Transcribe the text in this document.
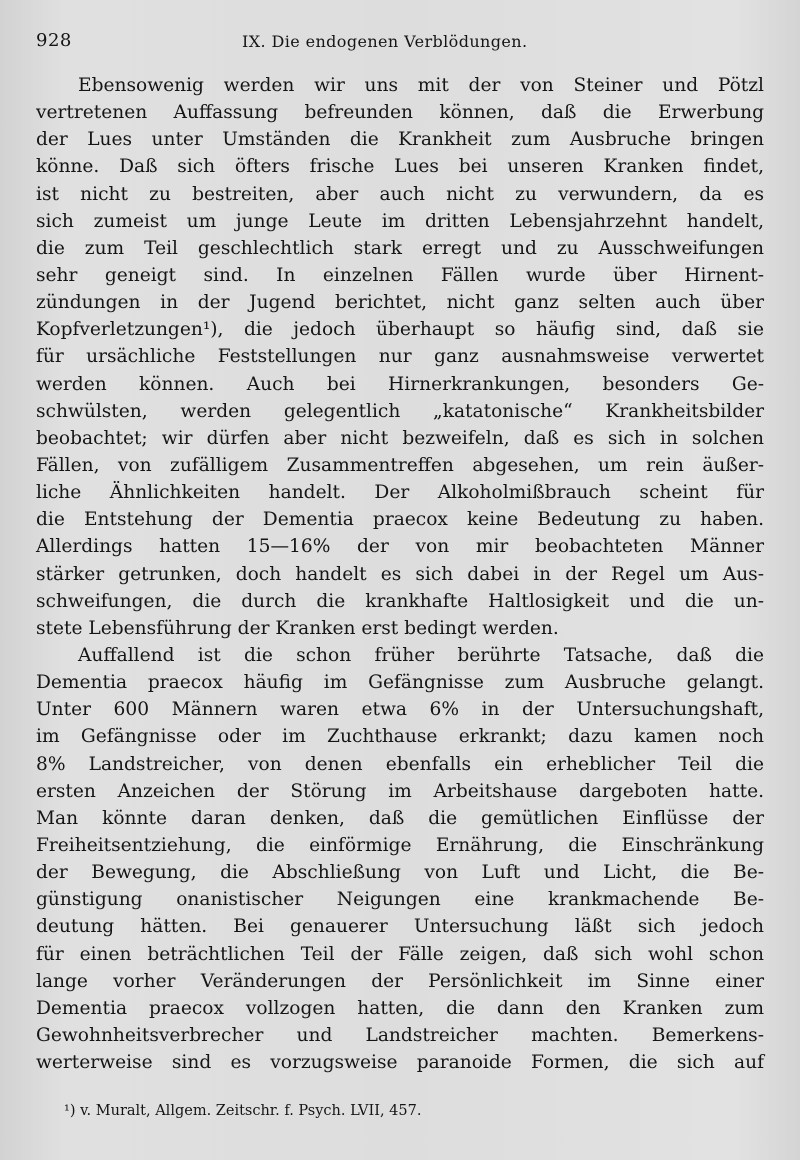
928	IX. Die endogenen Verblödungen.
Ebensowenig werden wir uns mit der von Steiner und Pötzl
vertretenen Auffassung befreunden können, daß die Erwerbung
der Lues unter Umständen die Krankheit zum Ausbruche bringen
könne. Daß sich öfters frische Lues bei unseren Kranken findet,
ist nicht zu bestreiten, aber auch nicht zu verwundern, da es
sich zumeist um junge Leute im dritten Lebensjahrzehnt handelt,
die zum Teil geschlechtlich stark erregt und zu Ausschweifungen
sehr geneigt sind. In einzelnen Fällen wurde über Hirnent-
zündungen in der Jugend berichtet, nicht ganz selten auch über
Kopfverletzungen¹), die jedoch überhaupt so häufig sind, daß sie
für ursächliche Feststellungen nur ganz ausnahmsweise verwertet
werden können. Auch bei Hirnerkrankungen, besonders Ge-
schwülsten, werden gelegentlich „katatonische“ Krankheitsbilder
beobachtet; wir dürfen aber nicht bezweifeln, daß es sich in solchen
Fällen, von zufälligem Zusammentreffen abgesehen, um rein äußer-
liche Ähnlichkeiten handelt. Der Alkoholmißbrauch scheint für
die Entstehung der Dementia praecox keine Bedeutung zu haben.
Allerdings hatten 15—16% der von mir beobachteten Männer
stärker getrunken, doch handelt es sich dabei in der Regel um Aus-
schweifungen, die durch die krankhafte Haltlosigkeit und die un-
stete Lebensführung der Kranken erst bedingt werden.
Auffallend ist die schon früher berührte Tatsache, daß die
Dementia praecox häufig im Gefängnisse zum Ausbruche gelangt.
Unter 600 Männern waren etwa 6% in der Untersuchungshaft,
im Gefängnisse oder im Zuchthause erkrankt; dazu kamen noch
8% Landstreicher, von denen ebenfalls ein erheblicher Teil die
ersten Anzeichen der Störung im Arbeitshause dargeboten hatte.
Man könnte daran denken, daß die gemütlichen Einflüsse der
Freiheitsentziehung, die einförmige Ernährung, die Einschränkung
der Bewegung, die Abschließung von Luft und Licht, die Be-
günstigung onanistischer Neigungen eine krankmachende Be-
deutung hätten. Bei genauerer Untersuchung läßt sich jedoch
für einen beträchtlichen Teil der Fälle zeigen, daß sich wohl schon
lange vorher Veränderungen der Persönlichkeit im Sinne einer
Dementia praecox vollzogen hatten, die dann den Kranken zum
Gewohnheitsverbrecher und Landstreicher machten. Bemerkens-
werterweise sind es vorzugsweise paranoide Formen, die sich auf
¹) v. Muralt, Allgem. Zeitschr. f. Psych. LVII, 457.
